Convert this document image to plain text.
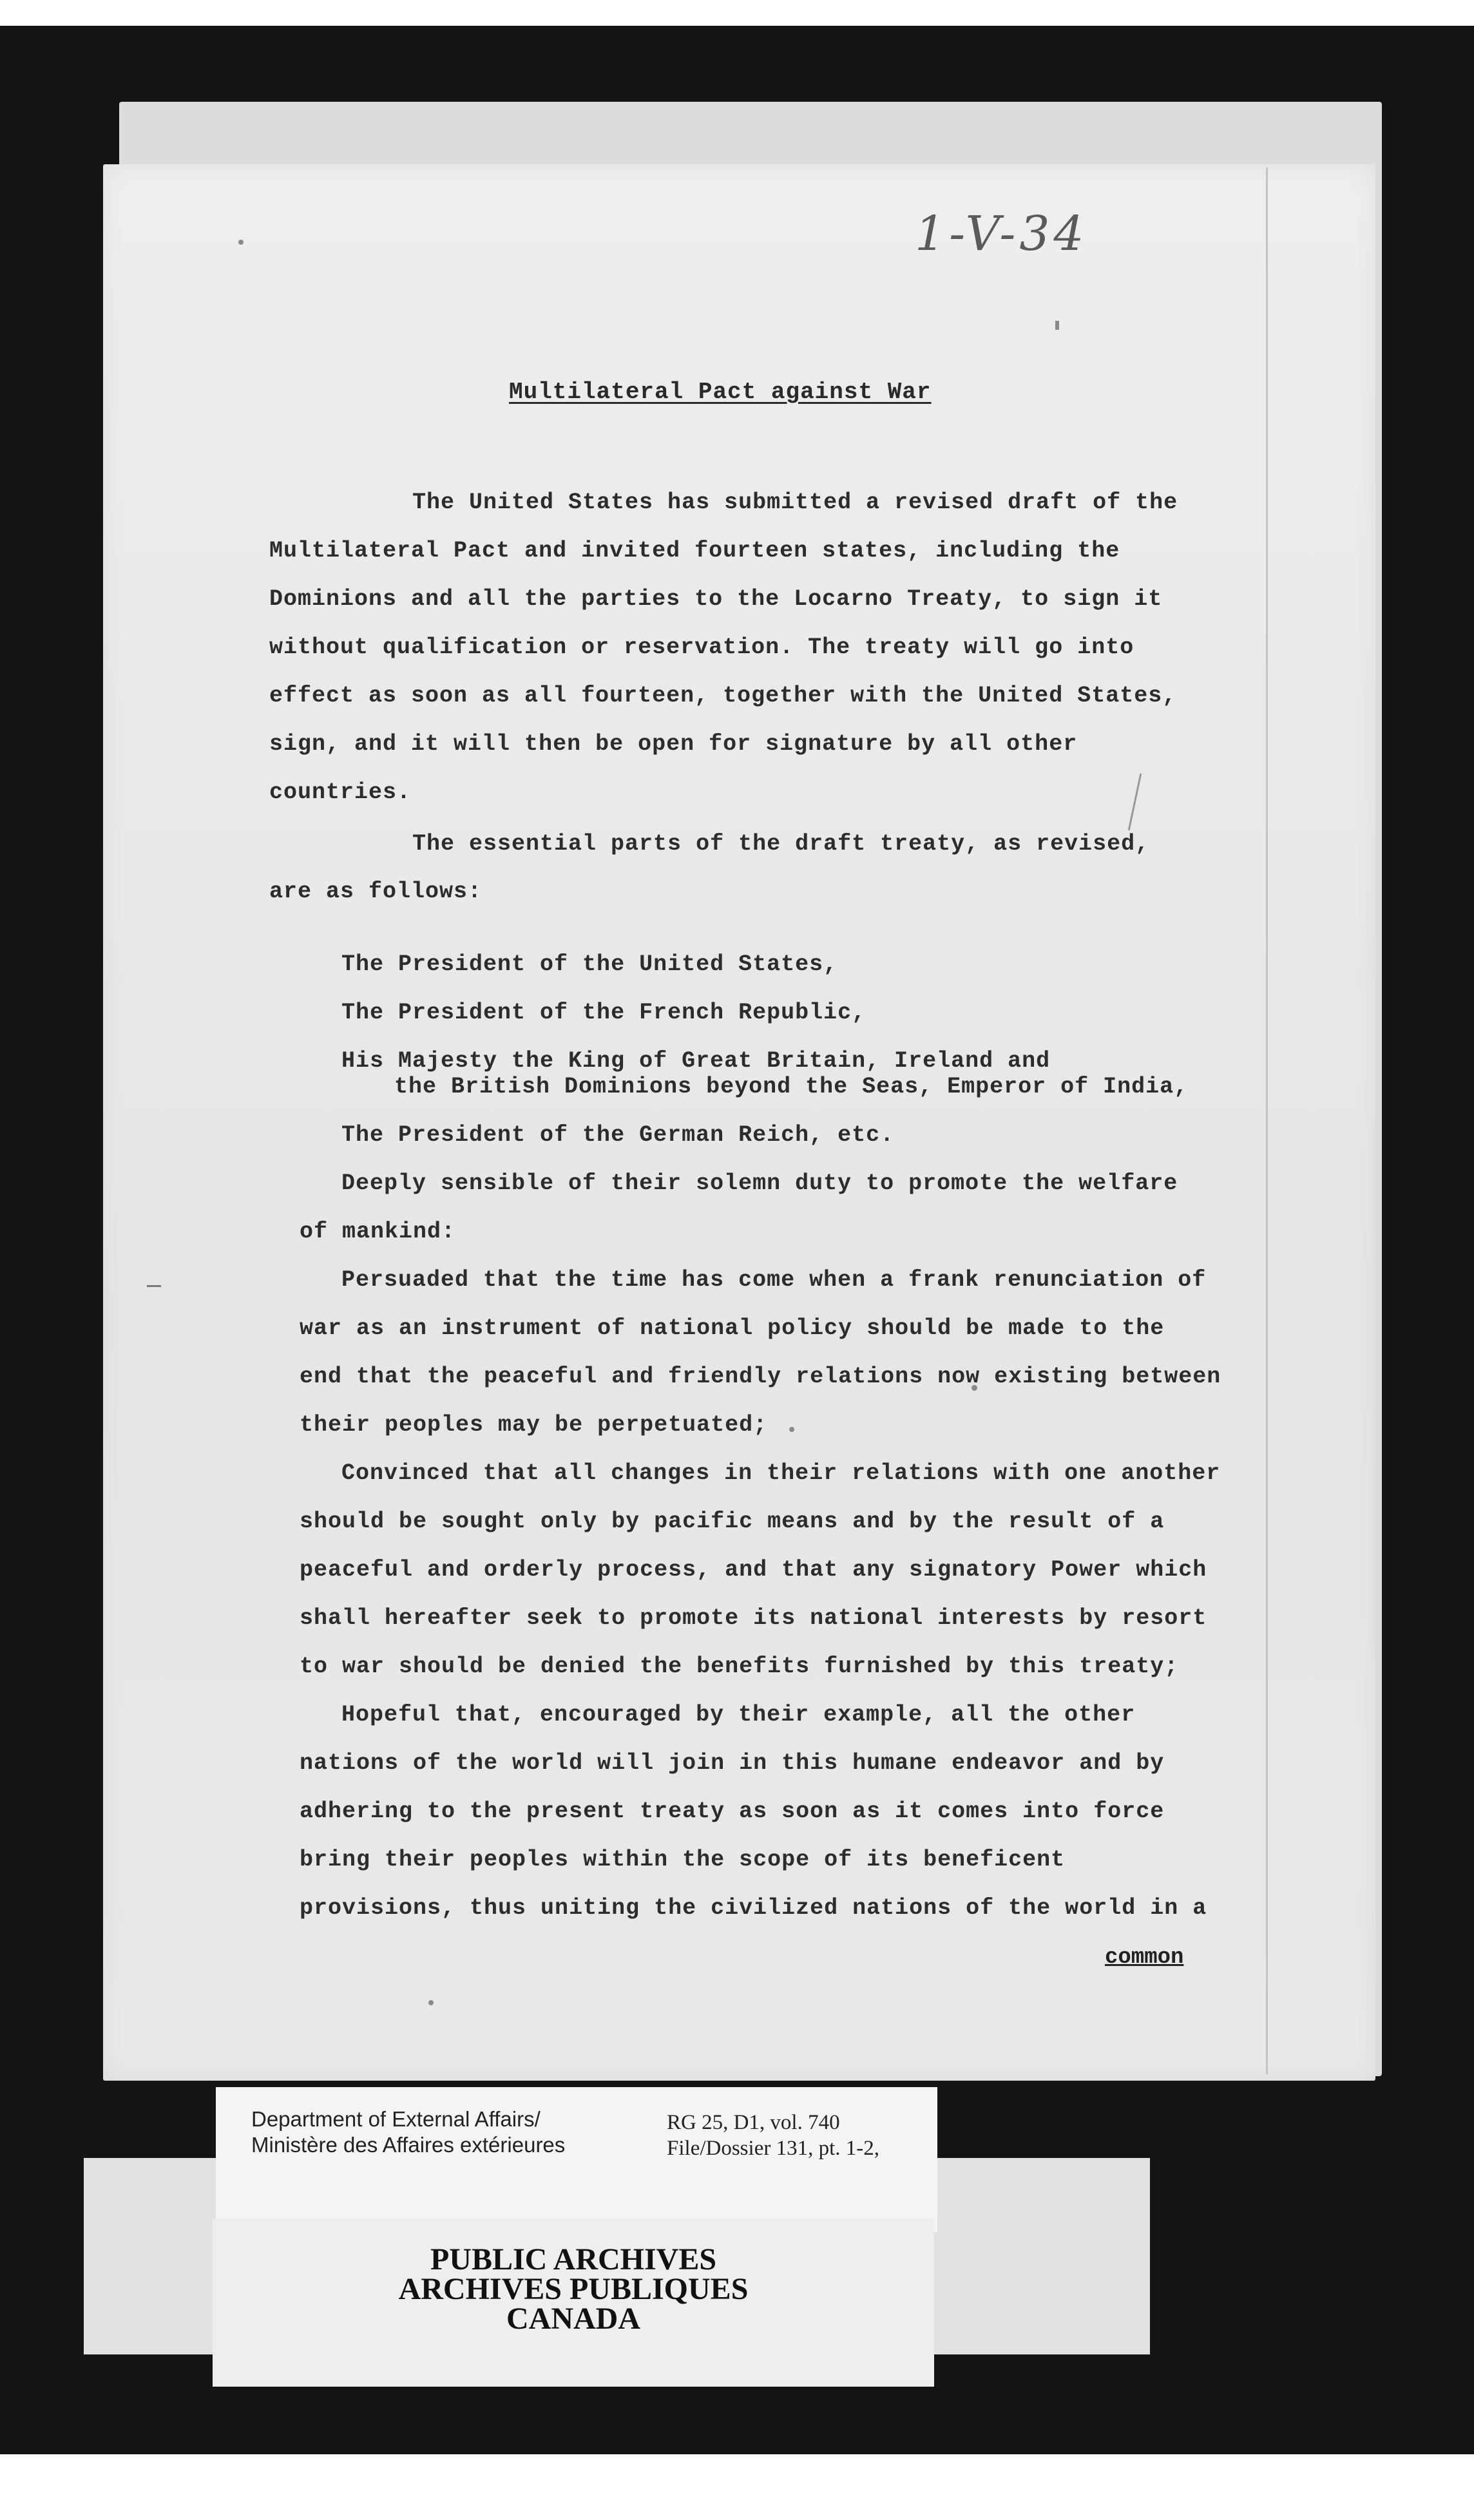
1-V-34
Multilateral Pact against War
The United States has submitted a revised draft of the
Multilateral Pact and invited fourteen states, including the
Dominions and all the parties to the Locarno Treaty, to sign it
without qualification or reservation. The treaty will go into
effect as soon as all fourteen, together with the United States,
sign, and it will then be open for signature by all other
countries.
The essential parts of the draft treaty, as revised,
are as follows:
The President of the United States,
The President of the French Republic,
His Majesty the King of Great Britain, Ireland and
the British Dominions beyond the Seas, Emperor of India,
The President of the German Reich, etc.
Deeply sensible of their solemn duty to promote the welfare
of mankind:
Persuaded that the time has come when a frank renunciation of
war as an instrument of national policy should be made to the
end that the peaceful and friendly relations now existing between
their peoples may be perpetuated;
Convinced that all changes in their relations with one another
should be sought only by pacific means and by the result of a
peaceful and orderly process, and that any signatory Power which
shall hereafter seek to promote its national interests by resort
to war should be denied the benefits furnished by this treaty;
Hopeful that, encouraged by their example, all the other
nations of the world will join in this humane endeavor and by
adhering to the present treaty as soon as it comes into force
bring their peoples within the scope of its beneficent
provisions, thus uniting the civilized nations of the world in a
common
Department of External Affairs/
Ministère des Affaires extérieures
RG 25, D1, vol. 740
File/Dossier 131, pt. 1-2,
PUBLIC ARCHIVES
ARCHIVES PUBLIQUES
CANADA
